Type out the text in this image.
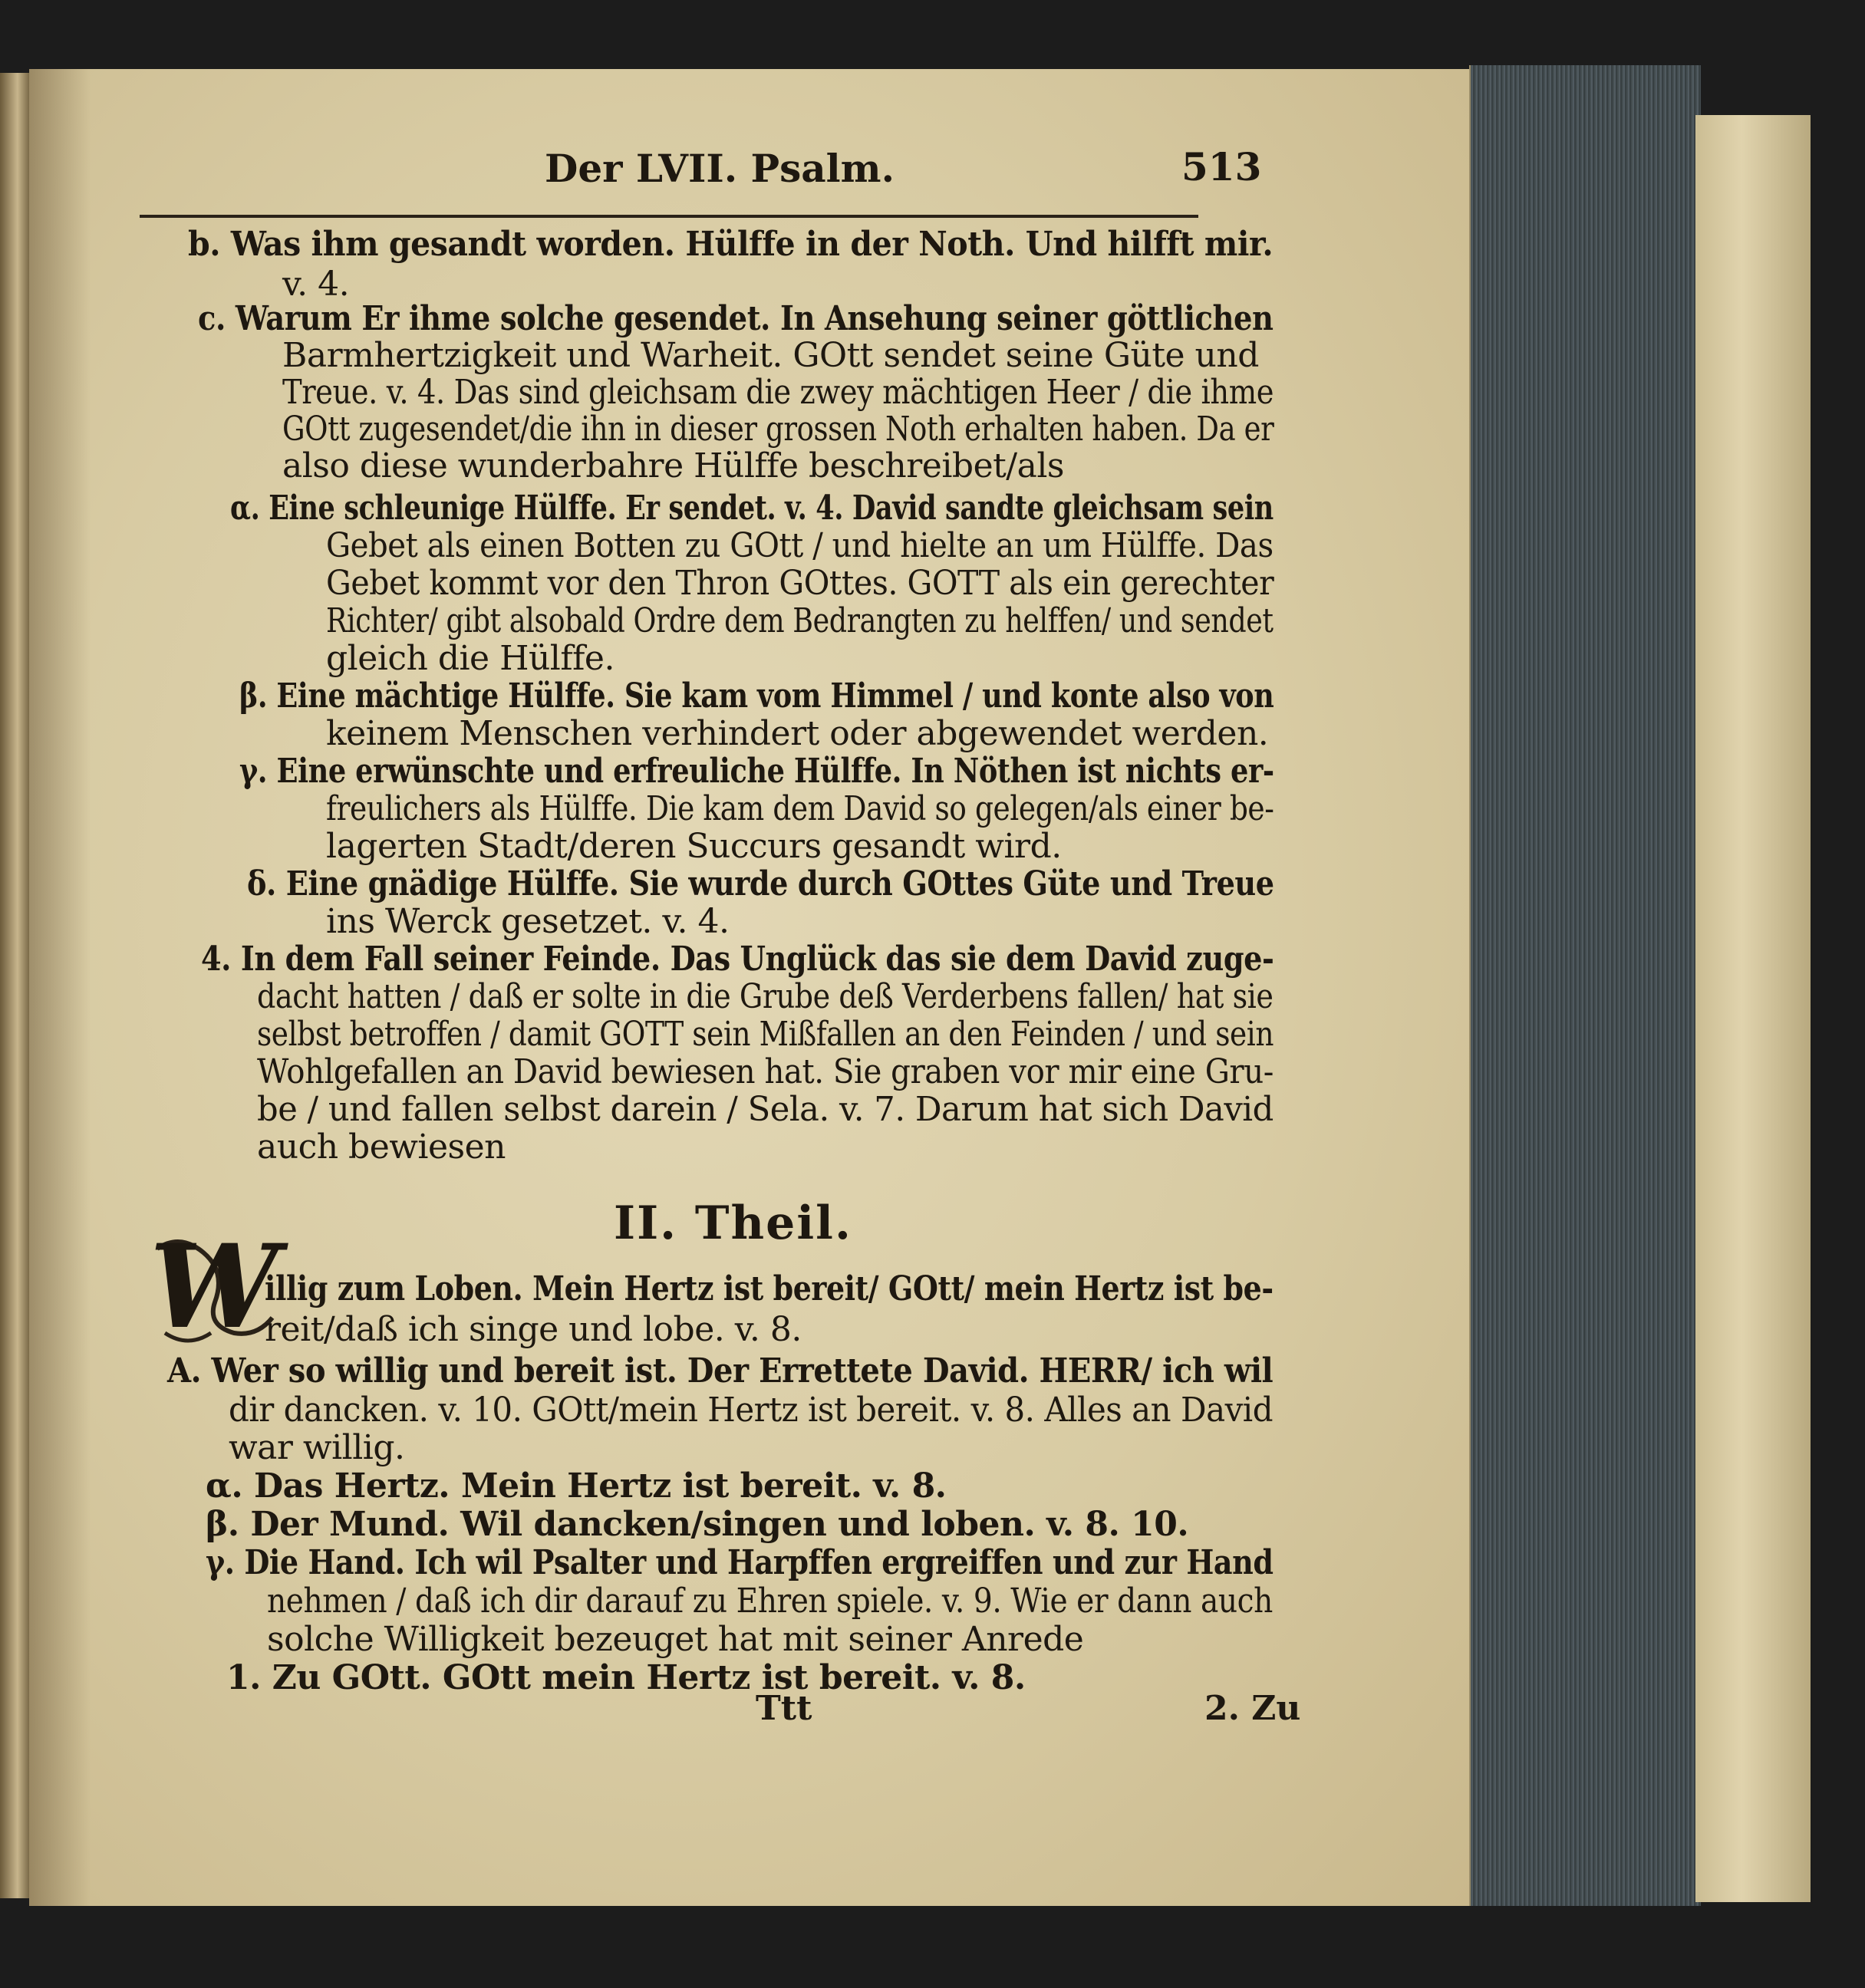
Der LVII. Psalm.	513
b. Was ihm gesandt worden. Hülffe in der Noth. Und hilfft mir.
v. 4.
c. Warum Er ihme solche gesendet. In Ansehung seiner göttlichen
Barmhertzigkeit und Warheit. GOtt sendet seine Güte und
Treue. v. 4. Das sind gleichsam die zwey mächtigen Heer / die ihme
GOtt zugesendet/die ihn in dieser grossen Noth erhalten haben. Da er
also diese wunderbahre Hülffe beschreibet/als
α. Eine schleunige Hülffe. Er sendet. v. 4. David sandte gleichsam sein
Gebet als einen Botten zu GOtt / und hielte an um Hülffe. Das
Gebet kommt vor den Thron GOttes. GOTT als ein gerechter
Richter/ gibt alsobald Ordre dem Bedrangten zu helffen/ und sendet
gleich die Hülffe.
β. Eine mächtige Hülffe. Sie kam vom Himmel / und konte also von
keinem Menschen verhindert oder abgewendet werden.
γ. Eine erwünschte und erfreuliche Hülffe. In Nöthen ist nichts er-
freulichers als Hülffe. Die kam dem David so gelegen/als einer be-
lagerten Stadt/deren Succurs gesandt wird.
δ. Eine gnädige Hülffe. Sie wurde durch GOttes Güte und Treue
ins Werck gesetzet. v. 4.
4. In dem Fall seiner Feinde. Das Unglück das sie dem David zuge-
dacht hatten / daß er solte in die Grube deß Verderbens fallen/ hat sie
selbst betroffen / damit GOTT sein Mißfallen an den Feinden / und sein
Wohlgefallen an David bewiesen hat. Sie graben vor mir eine Gru-
be / und fallen selbst darein / Sela. v. 7. Darum hat sich David
auch bewiesen
II. Theil.
W
illig zum Loben. Mein Hertz ist bereit/ GOtt/ mein Hertz ist be-
reit/daß ich singe und lobe. v. 8.
A. Wer so willig und bereit ist. Der Errettete David. HERR/ ich wil
dir dancken. v. 10. GOtt/mein Hertz ist bereit. v. 8. Alles an David
war willig.
α. Das Hertz. Mein Hertz ist bereit. v. 8.
β. Der Mund. Wil dancken/singen und loben. v. 8. 10.
γ. Die Hand. Ich wil Psalter und Harpffen ergreiffen und zur Hand
nehmen / daß ich dir darauf zu Ehren spiele. v. 9. Wie er dann auch
solche Willigkeit bezeuget hat mit seiner Anrede
1. Zu GOtt. GOtt mein Hertz ist bereit. v. 8.
Ttt	2. Zu
